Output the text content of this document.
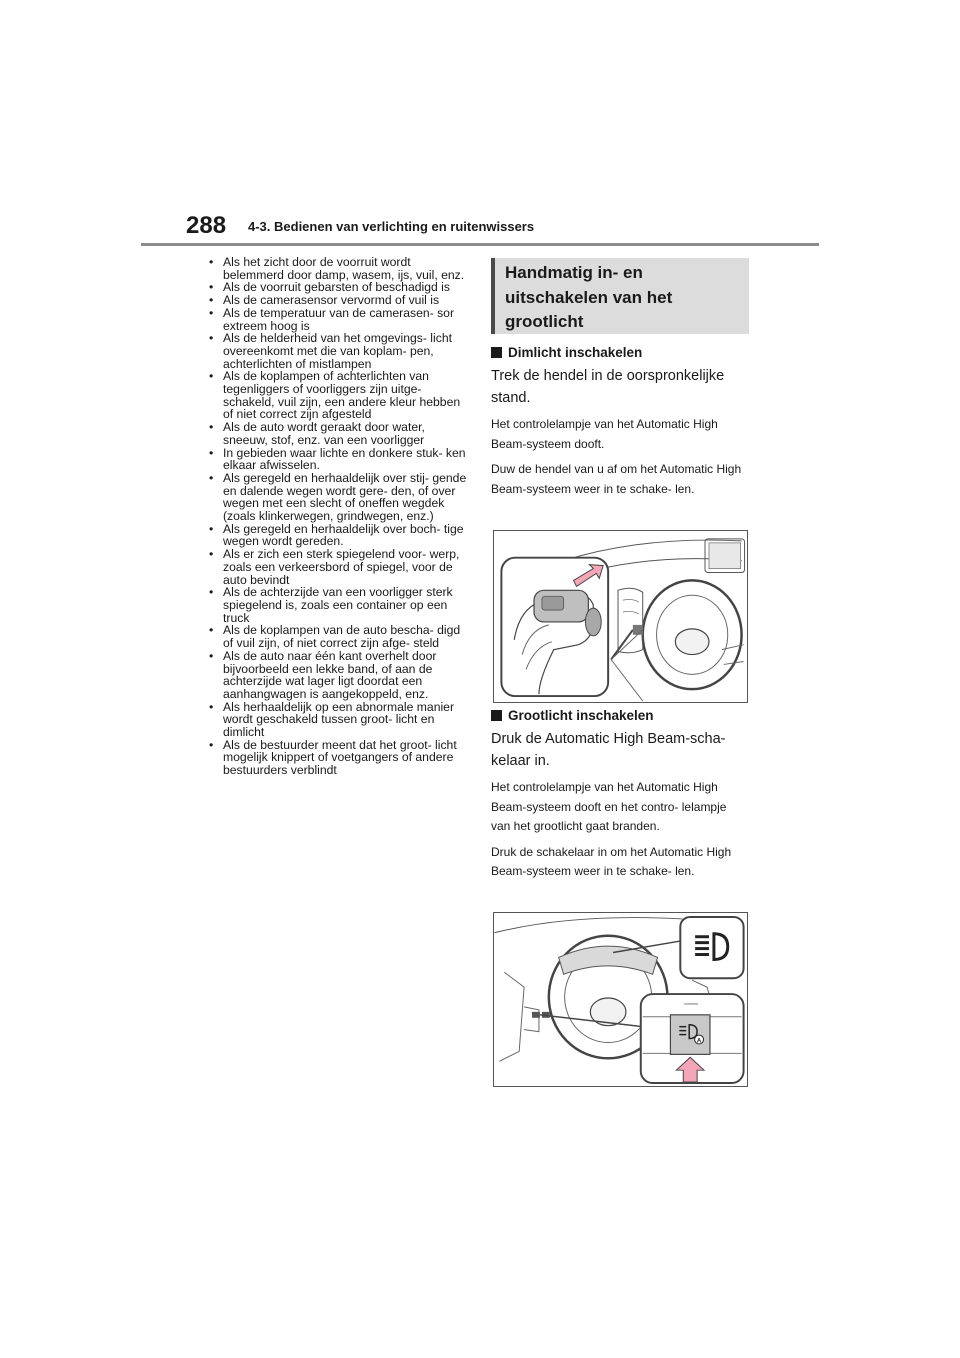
288 4-3. Bedienen van verlichting en ruitenwissers
• Als het zicht door de voorruit wordt belemmerd door damp, wasem, ijs, vuil, enz.
• Als de voorruit gebarsten of beschadigd is
• Als de camerasensor vervormd of vuil is
• Als de temperatuur van de camerasen- sor extreem hoog is
• Als de helderheid van het omgevings- licht overeenkomt met die van koplam- pen, achterlichten of mistlampen
• Als de koplampen of achterlichten van tegenliggers of voorliggers zijn uitge- schakeld, vuil zijn, een andere kleur hebben of niet correct zijn afgesteld
• Als de auto wordt geraakt door water, sneeuw, stof, enz. van een voorligger
• In gebieden waar lichte en donkere stuk- ken elkaar afwisselen.
• Als geregeld en herhaaldelijk over stij- gende en dalende wegen wordt gere- den, of over wegen met een slecht of oneffen wegdek (zoals klinkerwegen, grindwegen, enz.)
• Als geregeld en herhaaldelijk over boch- tige wegen wordt gereden.
• Als er zich een sterk spiegelend voor- werp, zoals een verkeersbord of spiegel, voor de auto bevindt
• Als de achterzijde van een voorligger sterk spiegelend is, zoals een container op een truck
• Als de koplampen van de auto bescha- digd of vuil zijn, of niet correct zijn afge- steld
• Als de auto naar één kant overhelt door bijvoorbeeld een lekke band, of aan de achterzijde wat lager ligt doordat een aanhangwagen is aangekoppeld, enz.
• Als herhaaldelijk op een abnormale manier wordt geschakeld tussen groot- licht en dimlicht
• Als de bestuurder meent dat het groot- licht mogelijk knippert of voetgangers of andere bestuurders verblindt

Handmatig in- en

uitschakelen van het

grootlicht

Dimlicht inschakelen

Trek de hendel in de oorspronkelijke stand.

Het controlelampje van het Automatic High Beam-systeem dooft.

Duw de hendel van u af om het Automatic High Beam-systeem weer in te schake- len.

Grootlicht inschakelen

Druk de Automatic High Beam-scha- kelaar in.

Het controlelampje van het Automatic High Beam-systeem dooft en het contro- lelampje van het grootlicht gaat branden.

Druk de schakelaar in om het Automatic High Beam-systeem weer in te schake- len.

A
